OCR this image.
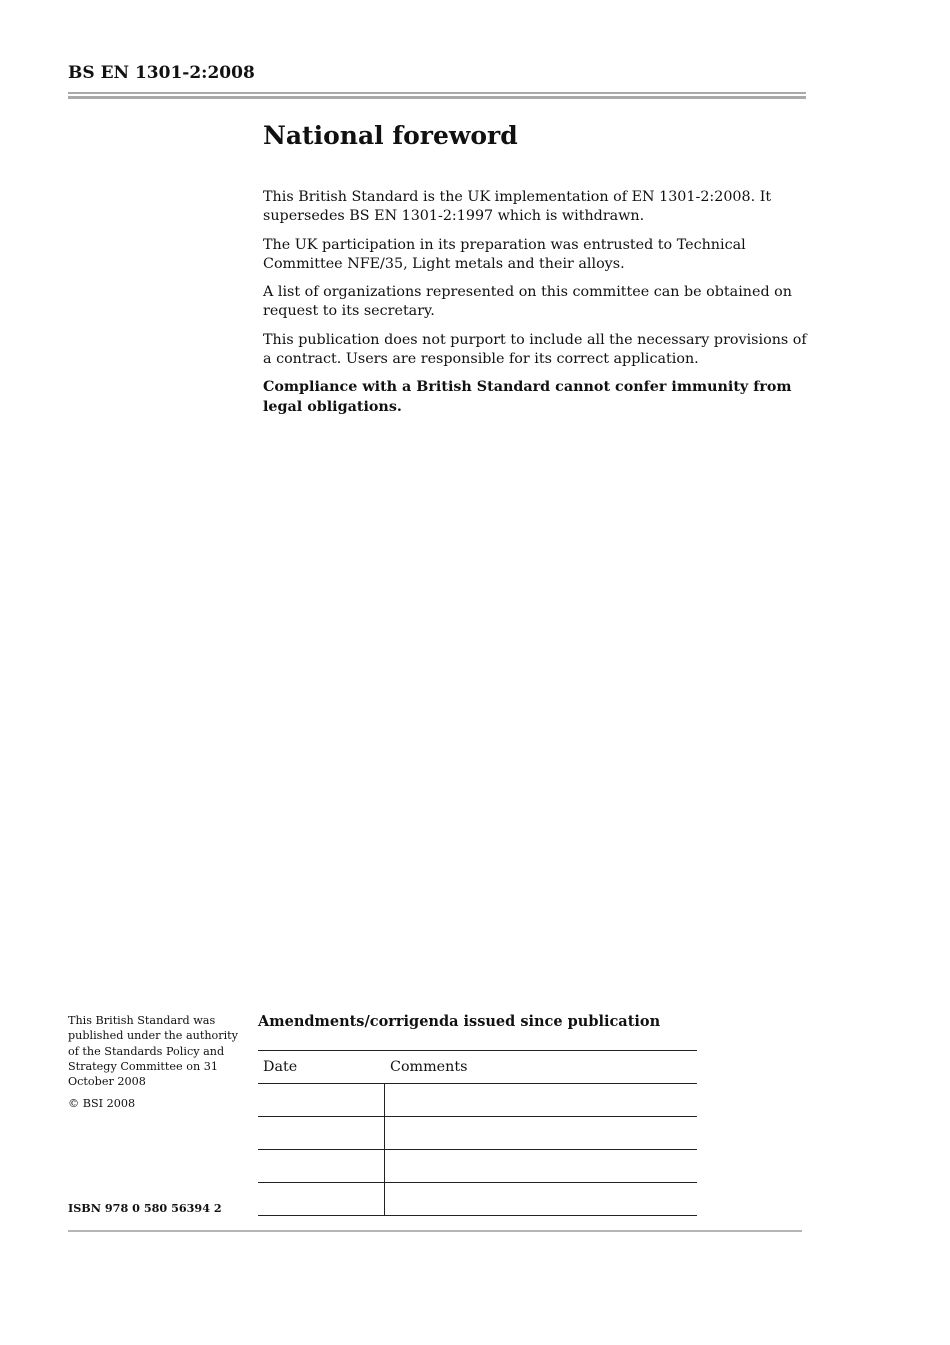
BS EN 1301-2:2008
National foreword

This British Standard is the UK implementation of EN 1301-2:2008. It supersedes BS EN 1301-2:1997 which is withdrawn.

The UK participation in its preparation was entrusted to Technical Committee NFE/35, Light metals and their alloys.

A list of organizations represented on this committee can be obtained on request to its secretary.

This publication does not purport to include all the necessary provisions of a contract. Users are responsible for its correct application.

Compliance with a British Standard cannot confer immunity from legal obligations.

This British Standard was published under the authority of the Standards Policy and Strategy Committee on 31 October 2008

© BSI 2008

ISBN 978 0 580 56394 2
Amendments/corrigenda issued since publication
Date	Comments
